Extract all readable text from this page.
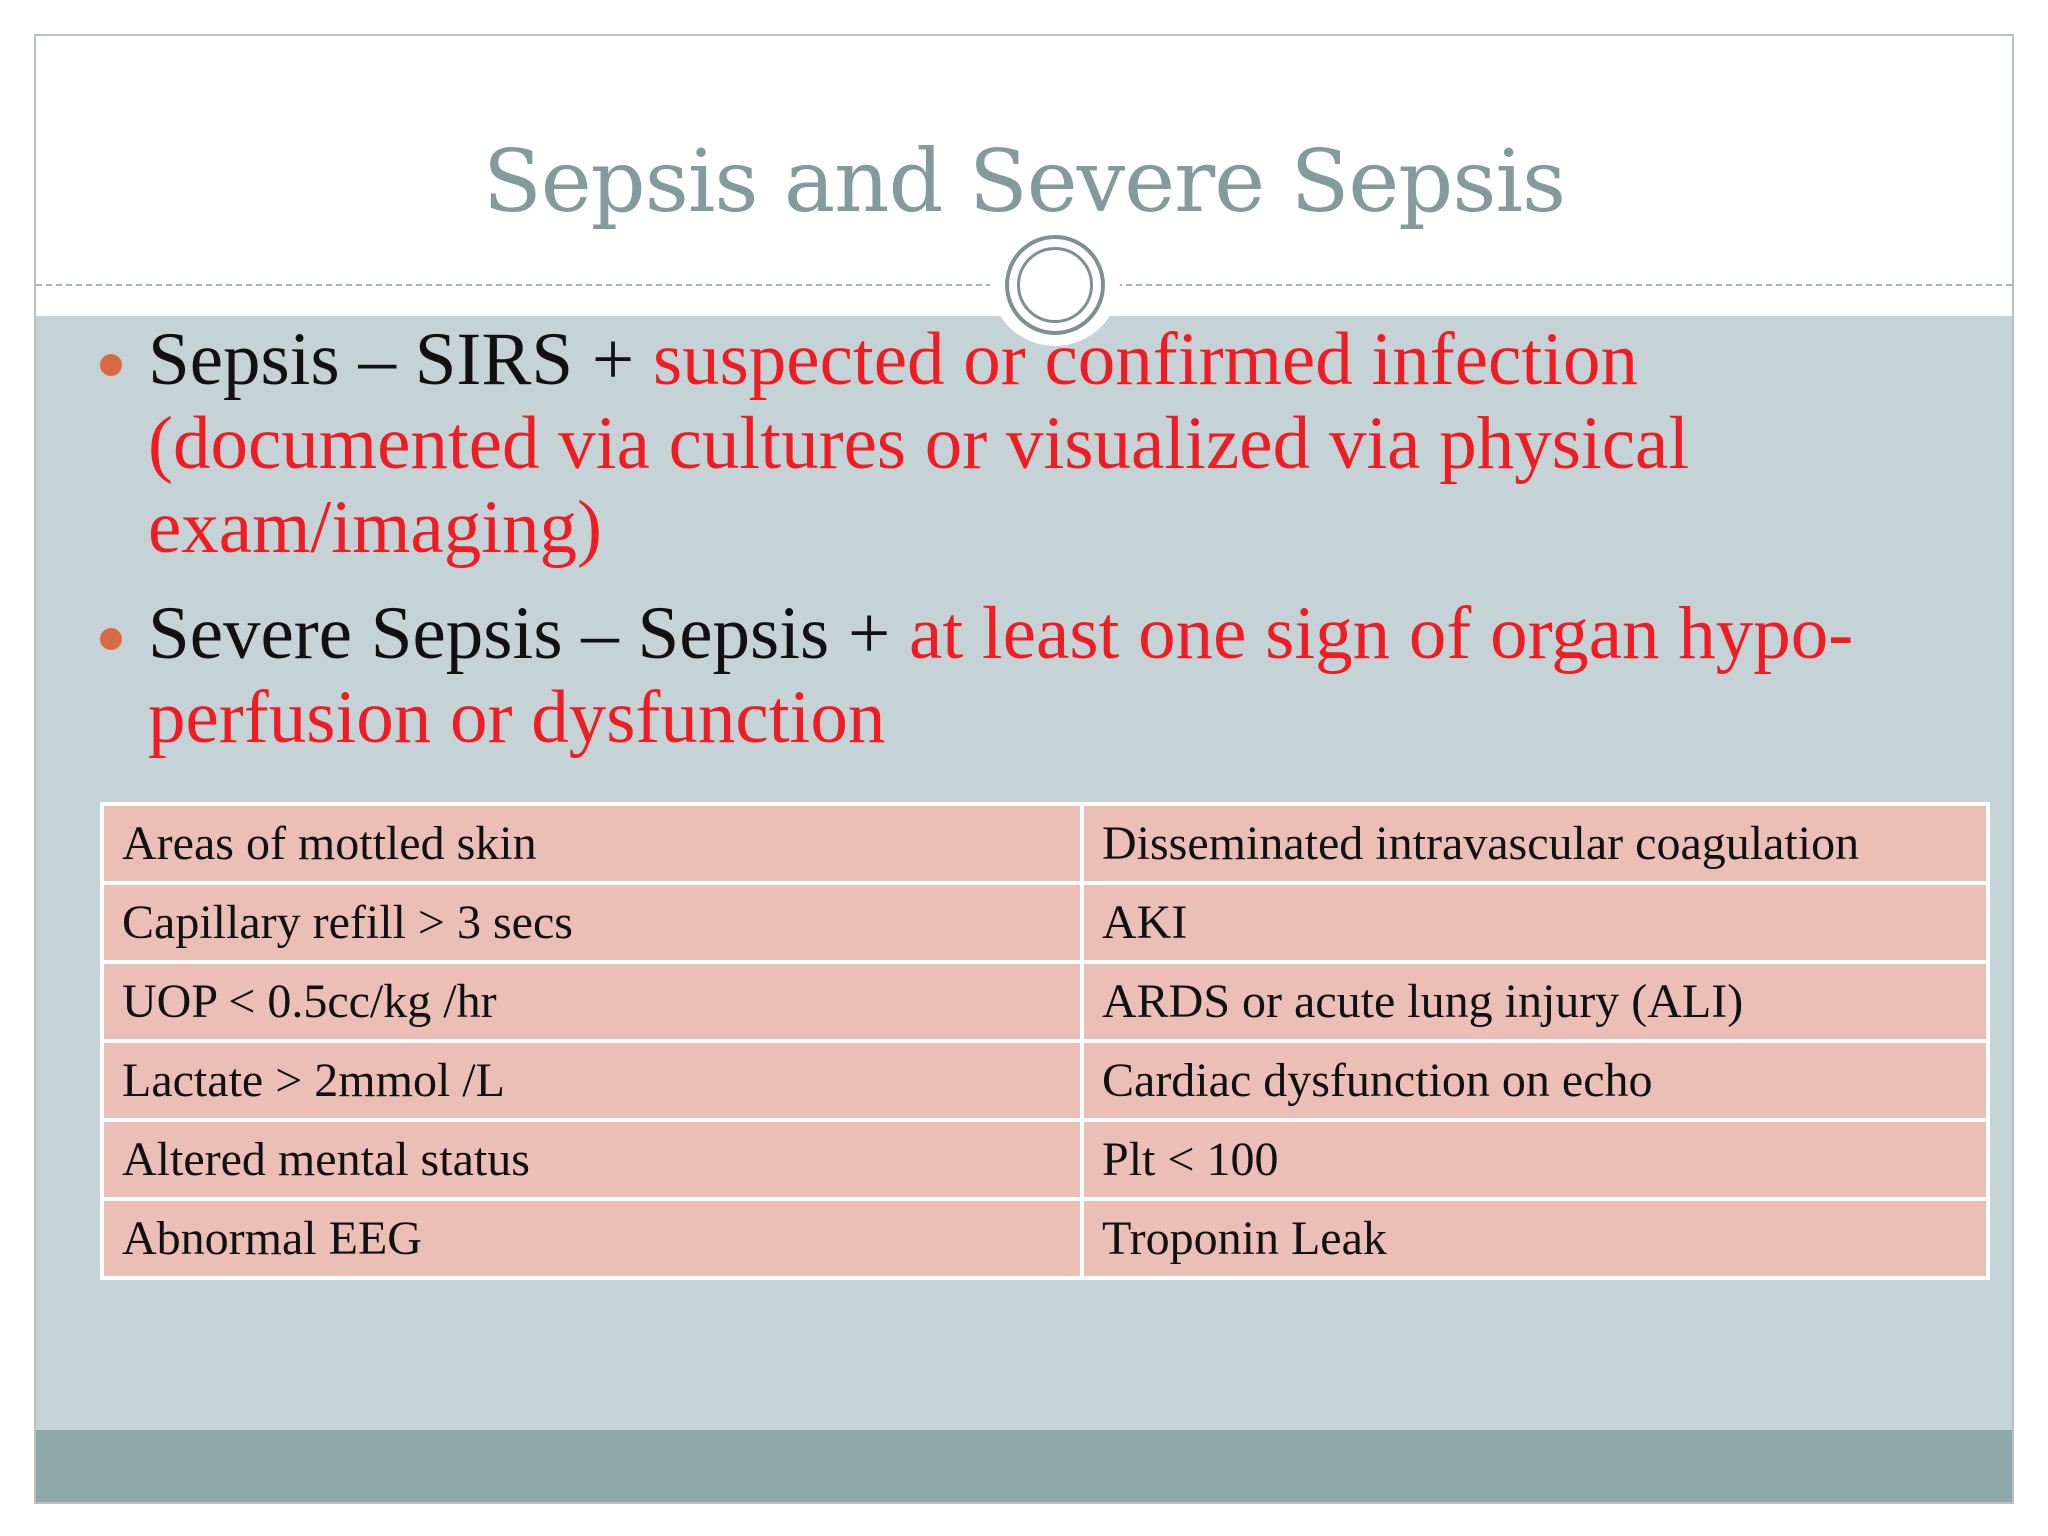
Sepsis and Severe Sepsis
Sepsis – SIRS + suspected or confirmed infection (documented via cultures or visualized via physical exam/imaging)
Severe Sepsis – Sepsis + at least one sign of organ hypo-perfusion or dysfunction
Areas of mottled skin	Disseminated intravascular coagulation
Capillary refill > 3 secs	AKI
UOP < 0.5cc/kg /hr	ARDS or acute lung injury (ALI)
Lactate > 2mmol /L	Cardiac dysfunction on echo
Altered mental status	Plt < 100
Abnormal EEG	Troponin Leak
